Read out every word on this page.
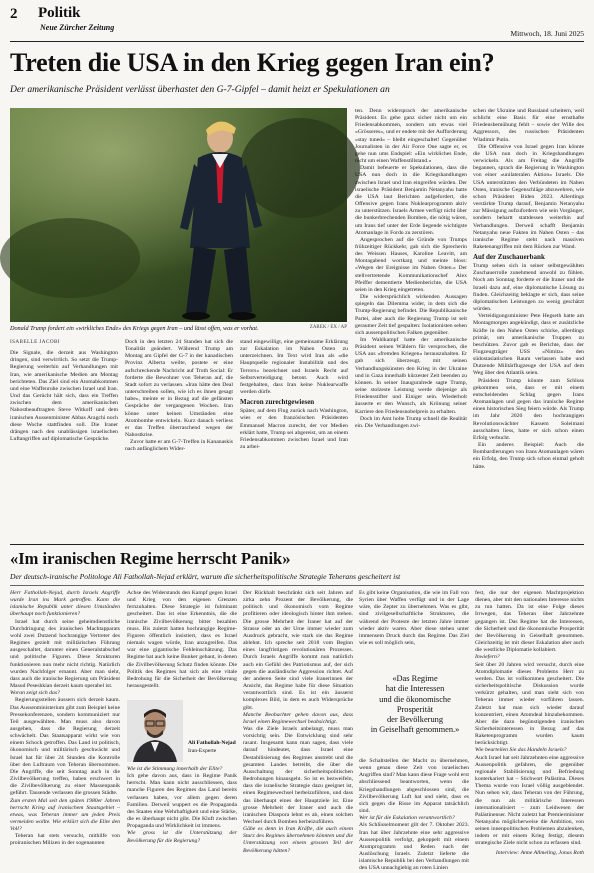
2 Politik
Neue Zürcher Zeitung
Mittwoch, 18. Juni 2025
Treten die USA in den Krieg gegen Iran ein?
Der amerikanische Präsident verlässt überhastet den G-7-Gipfel – damit heizt er Spekulationen an
Donald Trump fordert ein «wirkliches Ende» des Kriegs gegen Iran – und lässt offen, was er vorhat.	ZAREK / EX / AP
ISABELLE JACOBI

Die Signale, die derzeit aus Washington dringen, sind verwirrlich. So setzt die Trump-Regierung weiterhin auf Verhandlungen mit Iran, wie amerikanische Medien am Montag berichteten. Das Ziel sind ein Atomabkommen und eine Waffenruhe zwischen Israel und Iran. Und das Gerücht hält sich, dass ein Treffen zwischen dem amerikanischen Nahostbeauftragten Steve Witkoff und dem iranischen Aussenminister Abbas Aragchi noch diese Woche stattfinden soll. Die Iraner drängen nach den unablässigen israelischen Luftangriffen auf diplomatische Gespräche.

Doch in den letzten 24 Standen hat sich die Tonalität geändert. Während Trump am Montag am Gipfel der G-7 in der kanadischen Provinz Alberta weilte, postete er eine aufschreckende Nachricht auf Truth Social: Er forderte die Bewohner von Teheran auf, die Stadt sofort zu verlassen. «Iran hätte den Deal unterschreiben sollen, wie ich es ihnen gesagt habe», meinte er in Bezug auf die gefänsten Gespräche der vergangenen Wochen. Iran könne unter keinen Umständen eine Atombombe entwickeln. Kurz danach verliess er das Treffen überraschend wegen der Nahostkrise.

Zuvor hatte er am G-7-Treffen in Kananaskis nach anfänglichem Wider-

stand eingewilligt, eine gemeinsame Erklärung zur Eskalation im Nahen Osten zu unterzeichnen. Im Text wird Iran als «die Hauptquelle regionaler Instabilität und des Terrors» bezeichnet und Israels Recht auf Selbstverteidigung betont. Auch wird festgehalten, dass Iran keine Nuklearwaffe werden dürfe.

Macron zurechtgewiesen

Später, auf dem Flug zurück nach Washington, wies er den französischen Präsidenten Emmanuel Macron zurecht, der vor Medien erklärt hatte, Trump sei abgereist, um an einem Friedensabkommen zwischen Israel und Iran zu arbei-

ten. Denn widersprach der amerikanische Präsident. Es gehe ganz sicher nicht um ein Friedensabkommen, sondern um etwas viel «Grösseres», und er endete mit der Aufforderung «stay tuned» – bleibt eingeschaltet! Gegenüber Journalisten in der Air Force One sagte er, es gehe nun ums Endspiel: «Ein wirkliches Ende, nicht um einen Waffenstillstand.»

Damit befeuerte er Spekulationen, dass die USA nun doch in die Kriegshandlungen zwischen Israel und Iran eingreifen würden. Der israelische Präsident Benjamin Netanyahu hatte die USA laut Berichten aufgefordert, die Offensive gegen Irans Nuklearprogramm aktiv zu unterstützen. Israels Armee verfügt nicht über die bunkerbrechenden Bomben, die nötig wären, um Irans tief unter der Erde liegende wichtigste Atomanlage in Fordo zu zerstören.

Angesprochen auf die Gründe von Trumps frühzeitiger Rückkehr, gab sich die Sprecherin des Weissen Hauses, Karoline Leavitt, am Montagabend wortkarg und meinte bloss: «Wegen der Ereignisse im Nahen Osten.» Der stellvertretende Kommunikationschef Alex Pfeiffer dementierte Medienberichte, die USA seien in den Krieg eingetreten.

Die widersprüchlich wirkenden Aussagen spiegeln das Dilemma wider, in dem sich die Trump-Regierung befindet. Die Republikanische Partei, aber auch die Regierung Trump ist seit geraumer Zeit tief gespalten: Isolationisten sehen sich aussenpolitischen Falken gegenüber.

Im Wahlkampf hatte der amerikanische Präsident seinen Wählern für versprochen, die USA aus «fremden Kriegen» herauszuhalten. Er gab sich überzeugt, mit seinen Verhandlungskünsten den Krieg in der Ukraine und in Gaza innerhalb kürzester Zeit beenden zu können. In seiner Inauguralrede sagte Trump, seine stolzeste Leistung werde diejenige als Friedensstifter und Einiger sein. Wiederholt äusserte er den Wunsch, als Krönung seiner Karriere den Friedensnobelpreis zu erhalten.

Doch im Amt holte Trump schnell die Realität ein. Die Verhandlungen zwi-

schen der Ukraine und Russland scheitern, weil schlicht eine Basis für eine ernsthafte Friedensbemühung fehlt – sowie der Wille des Aggressors, des russischen Präsidenten Wladimir Putin.

Die Offensive von Israel gegen Iran könnte die USA nun doch in Kriegshandlungen verwickeln. Als am Freitag die Angriffe begannen, sprach die Regierung in Washington von einer «unilateralen Aktion» Israels. Die USA unterstützten den Verbündeten im Nahen Osten, iranische Gegenschläge abzuwehren, wie schon Präsident Biden 2023. Allerdings verstärkte Trump darauf, Benjamin Netanyahu zur Mässigung aufzufordern wie sein Vorgänger, sondern behartt stattdessen weiterhin auf Verhandlungen. Derweil schafft Benjamin Netanyahu neue Fakten im Nahen Osten – das iranische Regime steht nach massiven Raketenangriffen mit dem Rücken zur Wand.

Auf der Zuschauerbank

Trump sehen sich in seiner selbstgewählten Zuschauerrolle zunehmend unwohl zu fühlen. Noch am Sonntag forderte er die Iraner und die Israeli dazu auf, eine diplomatische Lösung zu finden. Gleichzeitig beklagte er sich, dass seine diplomatischen Leistungen zu wenig geschätzt würden.

Verteidigungsminister Pete Hegseth hatte am Montagmorgen angekündigt, dass er zusätzliche Kräfte in den Nahen Osten schicke, allerdings primär, um amerikanische Truppen zu beschützen. Zuvor gab es Berichte, dass der Flugzeugträger USS «Nimitz» den südostasiatischen Raum verlassen habe und Dutzende Militärflugzeuge der USA auf dem Weg über den Atlantik seien.

Präsident Trump könnte zum Schluss gekommen sein, dass er mit einem entscheidenden Schlag gegen Irans Atomanlagen und gegen das iranische Regime einen historischen Sieg feiern würde. Als Trump im Jahr 2020 den hochrangigen Revolutionswächter Kassem Soleimani ausschalten liess, hatte er sich schon einen Erfolg verbucht.

Ein anderes Beispiel: Auch die Bombardierungen von Irans Atomanlagen wären ein Erfolg, den Trump sich schon einmal geholt hätte.

«Im iranischen Regime herrscht Panik»
Der deutsch-iranische Politologe Ali Fathollah-Nejad erklärt, warum die sicherheitspolitische Strategie Teherans gescheitert ist

Herr Fathollah-Nejad, durch Israels Angriffe wurde Iran ins Mark getroffen. Kann die islamische Republik unter diesen Umständen überhaupt noch funktionieren?

Israel hat durch seine geheimdienstliche Durchdringung des iranischen Machtapparats wohl zwei Dutzend hochrangige Vertreter des Regimes gezielt mit militärischen Führung ausgeschaltet, darunter einen Generalstabschef und politische Figuren. Diese Strukturen funktionieren nun mehr nicht richtig. Natürlich wurden Nachfolger ernannt. Aber man sieht, dass auch die iranische Regierung um Präsident Masud Peseshkian derzeit kaum operabel ist.

Woran zeigt sich das?

Regierungsstellen äussern sich derzeit kaum. Das Aussenministerium gibt zum Beispiel keine Pressekonferenzen, sondern kommuniziert nur Teil ausgewählten. Man muss also davon ausgehen, dass die Regierung derzeit schwächelt. Das Staatsapparat wirkt wie von einem Schock getroffen. Das Land ist politisch, ökonomisch und militärisch geschwächt und Israel hat für über 24 Stunden die Kontrolle über den Luftraum von Teheran übernommen. Die Angriffe, die seit Sonntag auch in die Zivilbevölkerung treffen, haben erschwert in die Zivilbevölkerung zu einer Massenpanik geführt. Tausende verlassen die grossen Städte.

Zum ersten Mal seit den späten 1980er Jahren herrscht Krieg auf iranischem Staatsgebiet – etwas, was Teheran immer um jeden Preis vermeiden wollte. Wie erklärt sich die Elite den Voll?

Teheran hat stets versucht, mithilfe von proiranischen Milizen in der sogenannten

Achse des Widerstands den Kampf gegen Israel und Krieg von den eigenen Grenzen fernzuhalten. Diese Strategie ist fulminant gescheitert. Das ist eine Erkenntnis, die die iranische Zivilbevölkerung bitter bezahlen muss. Bis zuletzt hatten hochrangige Regime-Figuren öffentlich insistiert, dass es Israel niemals wagen würde, Iran anzugreifen. Das war eine gigantische Fehleinschätzung. Das Regime hat auch keine Bunker gebaut, in denen die Zivilbevölkerung Schutz finden könnte. Die Politik des Regimes hat sich als eine vitale Bedrohung für die Sicherheit der Bevölkerung herausgestellt.

Ali Fathollah-Nejad
Iran-Experte

Wie ist die Stimmung innerhalb der Elite?

Ich gehe davon aus, dass in Regime Panik herrscht. Man kann nicht ausschliessen, dass manche Figuren des Regimes das Land bereits verlassen haben, vor allem gegen deren Familien. Derweil wuppert es die Propaganda des Staates eine Wehrhaftigkeit und eine Stärke, die es überhaupt nicht gibt. Die Kluft zwischen Propaganda und Wirklichkeit ist immens.

Wie gross ist die Unterstützung der Bevölkerung für die Regierung?

Der Rückhalt beschränkt sich seit Jahren auf zirka zehn Prozent der Bevölkerung, die politisch und ökonomisch vom Regime profitieren oder ideologisch hinter ihm stehen. Die grosse Mehrheit der Iraner hat auf der Strasse oder an der Urne immer wieder zum Ausdruck gebracht, wie stark sie das Regime ablehnt. Ich spreche seit 2018 vom Beginn eines langfristigen revolutionären Prozesses. Durch Israels Angriffe kommt nun natürlich auch ein Gefühl des Patriotismus auf, der sich gegen die ausländische Aggression richtet. Auf der anderen Seite sind viele Iranerinnen der Ansicht, das Regime habe für diese Situation verantwortlich sind. Es ist ein äusserst komplexes Bild, in dem es auch Widersprüche gibt.

Manche Beobachter gehen davon aus, dass Israel einen Regimewechsel beabsichtigt.

Was die Ziele Israels anbelangt, muss man vorsichtig sein. Die Entwicklung sind sehr rasant. Insgesamt kann man sagen, dass viele darauf hindeutet, dass Israel eine Destabilisierung des Regimes anstrebt und die gesamten Landes betreibt, die über die Ausschaltung der sicherheitspolitischen Bedrohungen hinausgeht. So ist es bezweifeln, dass die israelische Strategie dazu geeignet ist, einen Regimewechsel herbeizuführen, und dass das überhaupt eines der Hauptziele ist. Eine grosse Mehrheit der Iraner und auch die iranischen Diaspora lehnt es ab, einen solchen Wechsel durch Bomben herbeizuführen.

Gäbe es denn in Iran Kräfte, die auch einem Sturz des Regimes übernehmen könnten und die Unterstützung von einem grossen Teil der Bevölkerung hätten?

Es gibt keine Organisation, die wie im Fall von Syrien über Waffen verfügt und in der Lage wäre, die Zepter zu übernehmen. Was es gibt, sind zivilgesellschaftliche Strukturen, die während der Proteste der letzten Jahre immer wieder aktiv waren. Aber diese stehen unter immensem Druck durch das Regime. Das Ziel wie es soll möglich sein,

«Das Regime
hat die Interessen
und die ökonomische
Prosperität
der Bevölkerung
in Geiselhaft genommen.»

die Schaltstellen der Macht zu übernehmen, wenn genau diese Zeit von israelischen Angriffen sind? Man kann diese Frage wohl erst abschliessend beantworten, wenn die Kriegshandlungen abgeschlossen sind, die Zivilbevölkerung Luft hat und sieht, dass es sich gegen die Risse im Apparat tatsächlich sind.

Wer ist für die Eskalation verantwortlich?

Als Schlüsselmoment gilt der 7. Oktober 2023. Iran hat über Jahrzehnte eine sehr aggressive Aussenpolitik verfolgt, gekoppelt mit einem Atomprogramm und Reden nach der Auslöschung Israels. Zuletzt lieferte die islamische Republik bei den Verhandlungen mit den USA unnachgiebig an roten Linien

fest, die nur der eigenen Machtprojektion dienen, aber mit den nationalen Interesse nichts zu tun hatten. Da ist eine Folge dieses Irrwegen, das Teheran über Jahrzehnte gegangen ist. Das Regime hat die Interessen, die Sicherheit und die ökonomische Prosperität der Bevölkerung in Geiselhaft genommen. Gleichzeitig ist mit dieser Eskalation aber auch die westliche Diplomatie kollabiert.

Inwiefern?

Seit über 20 Jahren wird versucht, durch eine Atomdiplomatie dieses Problems Herr zu werden. Das ist vollkommen gescheitert. Die sicherheitspolitische Diskussion wurde verkürzt gehalten, und man sieht sich von Teheran immer wieder vorführen lassen. Zuletzt hat man sich wieder darauf konzentriert, einen Atomdeal hinzubekommen. Aber die dazu begünstigenden iranischen Sicherheitsinteressen in Bezug auf das Raketenprogramm wurden kaum berücksichtigt.

Wie beurteilen Sie das Handeln Israels?

Auch Israel hat seit Jahrzehnten eine aggressive Aussenpolitik gefahren, die gegenüber regionale Stabilisierung und Befriedung konterkariert hat – Stichwort Palästina. Dieses Thema wurde von Israel völlig ausgeblendet. Nun sehen wir, dass Teheran von der Führung, die nun als militärische Interessen internationalisiert – zum Leidwesen der Palästinenser. Nicht zuletzt hat Premierminister Netanyahu möglicherweise die Ambition, von seinen innenpolitischen Problemen abzulenken, indem er mit einem Krieg festigt, diesem strategische Ziele nicht schon zu erfassen sind.

Interview: Anne Allmeling, Jonas Roth
